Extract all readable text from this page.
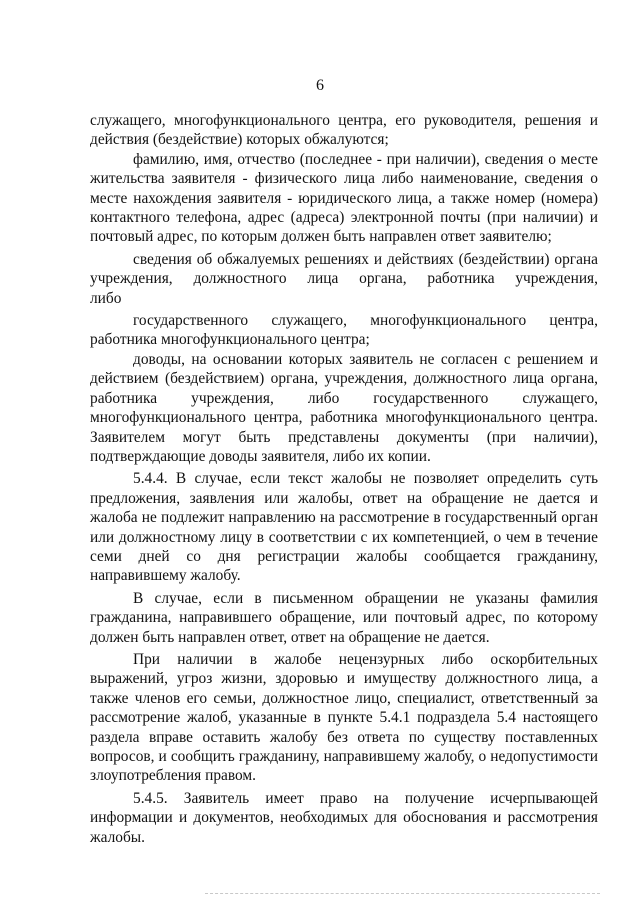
6

служащего, многофункционального центра, его руководителя, решения и действия (бездействие) которых обжалуются;

фамилию, имя, отчество (последнее - при наличии), сведения о месте жительства заявителя - физического лица либо наименование, сведения о месте нахождения заявителя - юридического лица, а также номер (номера) контактного телефона, адрес (адреса) электронной почты (при наличии) и почтовый адрес, по которым должен быть направлен ответ заявителю;

сведения об обжалуемых решениях и действиях (бездействии) органа учреждения, должностного лица органа, работника учреждения,

либо

государственного служащего, многофункционального центра,

работника многофункционального центра;

доводы, на основании которых заявитель не согласен с решением и действием (бездействием) органа, учреждения, должностного лица органа, работника учреждения, либо государственного служащего, многофункционального центра, работника многофункционального центра. Заявителем могут быть представлены документы (при наличии), подтверждающие доводы заявителя, либо их копии.

5.4.4. В случае, если текст жалобы не позволяет определить суть предложения, заявления или жалобы, ответ на обращение не дается и жалоба не подлежит направлению на рассмотрение в государственный орган или должностному лицу в соответствии с их компетенцией, о чем в течение семи дней со дня регистрации жалобы сообщается гражданину, направившему жалобу.

В случае, если в письменном обращении не указаны фамилия гражданина, направившего обращение, или почтовый адрес, по которому должен быть направлен ответ, ответ на обращение не дается.

При наличии в жалобе нецензурных либо оскорбительных выражений, угроз жизни, здоровью и имуществу должностного лица, а также членов его семьи, должностное лицо, специалист, ответственный за рассмотрение жалоб, указанные в пункте 5.4.1 подраздела 5.4 настоящего раздела вправе оставить жалобу без ответа по существу поставленных вопросов, и сообщить гражданину, направившему жалобу, о недопустимости злоупотребления правом.

5.4.5. Заявитель имеет право на получение исчерпывающей информации и документов, необходимых для обоснования и рассмотрения жалобы.
